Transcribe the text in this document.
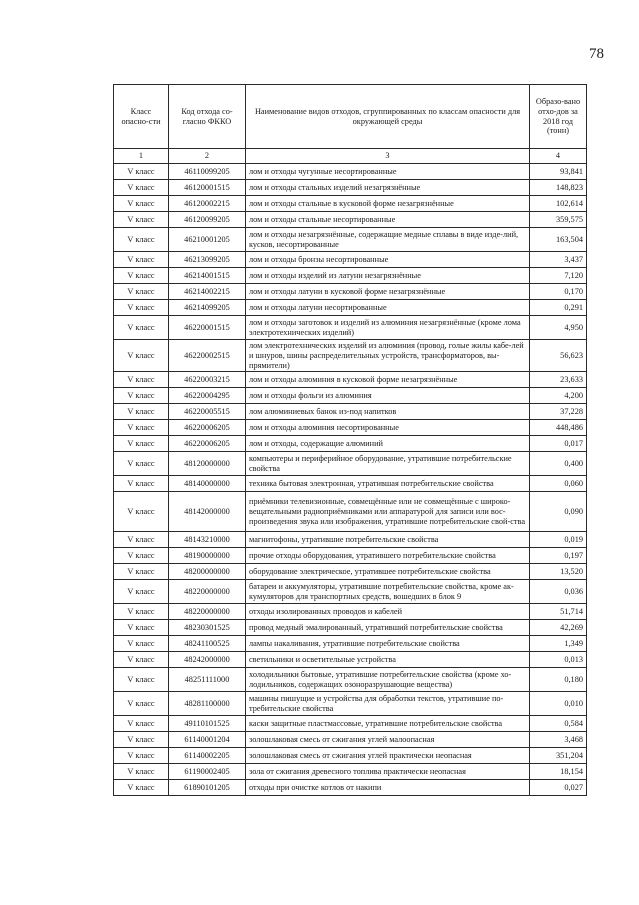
78
Класс опасно-сти	Код отхода со-гласно ФККО	Наименование видов отходов, сгруппированных по классам опасности для окружающей среды	Образо-вано отхо-дов за 2018 год (тонн)
1	2	3	4
V класс	46110099205	лом и отходы чугунные несортированные	93,841
V класс	46120001515	лом и отходы стальных изделий незагрязнённые	148,823
V класс	46120002215	лом и отходы стальные в кусковой форме незагрязнённые	102,614
V класс	46120099205	лом и отходы стальные несортированные	359,575
V класс	46210001205	лом и отходы незагрязнённые, содержащие медные сплавы в виде изде-лий, кусков, несортированные	163,504
V класс	46213099205	лом и отходы бронзы несортированные	3,437
V класс	46214001515	лом и отходы изделий из латуни незагрязнённые	7,120
V класс	46214002215	лом и отходы латуни в кусковой форме незагрязнённые	0,170
V класс	46214099205	лом и отходы латуни несортированные	0,291
V класс	46220001515	лом и отходы заготовок и изделий из алюминия незагрязнённые (кроме лома электротехнических изделий)	4,950
V класс	46220002515	лом электротехнических изделий из алюминия (провод, голые жилы кабе-лей и шнуров, шины распределительных устройств, трансформаторов, вы-прямители)	56,623
V класс	46220003215	лом и отходы алюминия в кусковой форме незагрязнённые	23,633
V класс	46220004295	лом и отходы фольги из алюминия	4,200
V класс	46220005515	лом алюминиевых банок из-под напитков	37,228
V класс	46220006205	лом и отходы алюминия несортированные	448,486
V класс	46220006205	лом и отходы, содержащие алюминий	0,017
V класс	48120000000	компьютеры и периферийное оборудование, утратившие потребительские свойства	0,400
V класс	48140000000	техника бытовая электронная, утратившая потребительские свойства	0,060
V класс	48142000000	приёмники телевизионные, совмещённые или не совмещённые с широко-вещательными радиоприёмниками или аппаратурой для записи или вос-произведения звука или изображения, утратившие потребительские свой-ства	0,090
V класс	48143210000	магнитофоны, утратившие потребительские свойства	0,019
V класс	48190000000	прочие отходы оборудования, утратившего потребительские свойства	0,197
V класс	48200000000	оборудование электрическое, утратившее потребительские свойства	13,520
V класс	48220000000	батареи и аккумуляторы, утратившие потребительские свойства, кроме ак-кумуляторов для транспортных средств, вошедших в блок 9	0,036
V класс	48220000000	отходы изолированных проводов и кабелей	51,714
V класс	48230301525	провод медный эмалированный, утративший потребительские свойства	42,269
V класс	48241100525	лампы накаливания, утратившие потребительские свойства	1,349
V класс	48242000000	светильники и осветительные устройства	0,013
V класс	48251111000	холодильники бытовые, утратившие потребительские свойства (кроме хо-лодильников, содержащих озоноразрушающие вещества)	0,180
V класс	48281100000	машины пишущие и устройства для обработки текстов, утратившие по-требительские свойства	0,010
V класс	49110101525	каски защитные пластмассовые, утратившие потребительские свойства	0,584
V класс	61140001204	золошлаковая смесь от сжигания углей малоопасная	3,468
V класс	61140002205	золошлаковая смесь от сжигания углей практически неопасная	351,204
V класс	61190002405	зола от сжигания древесного топлива практически неопасная	18,154
V класс	61890101205	отходы при очистке котлов от накипи	0,027
